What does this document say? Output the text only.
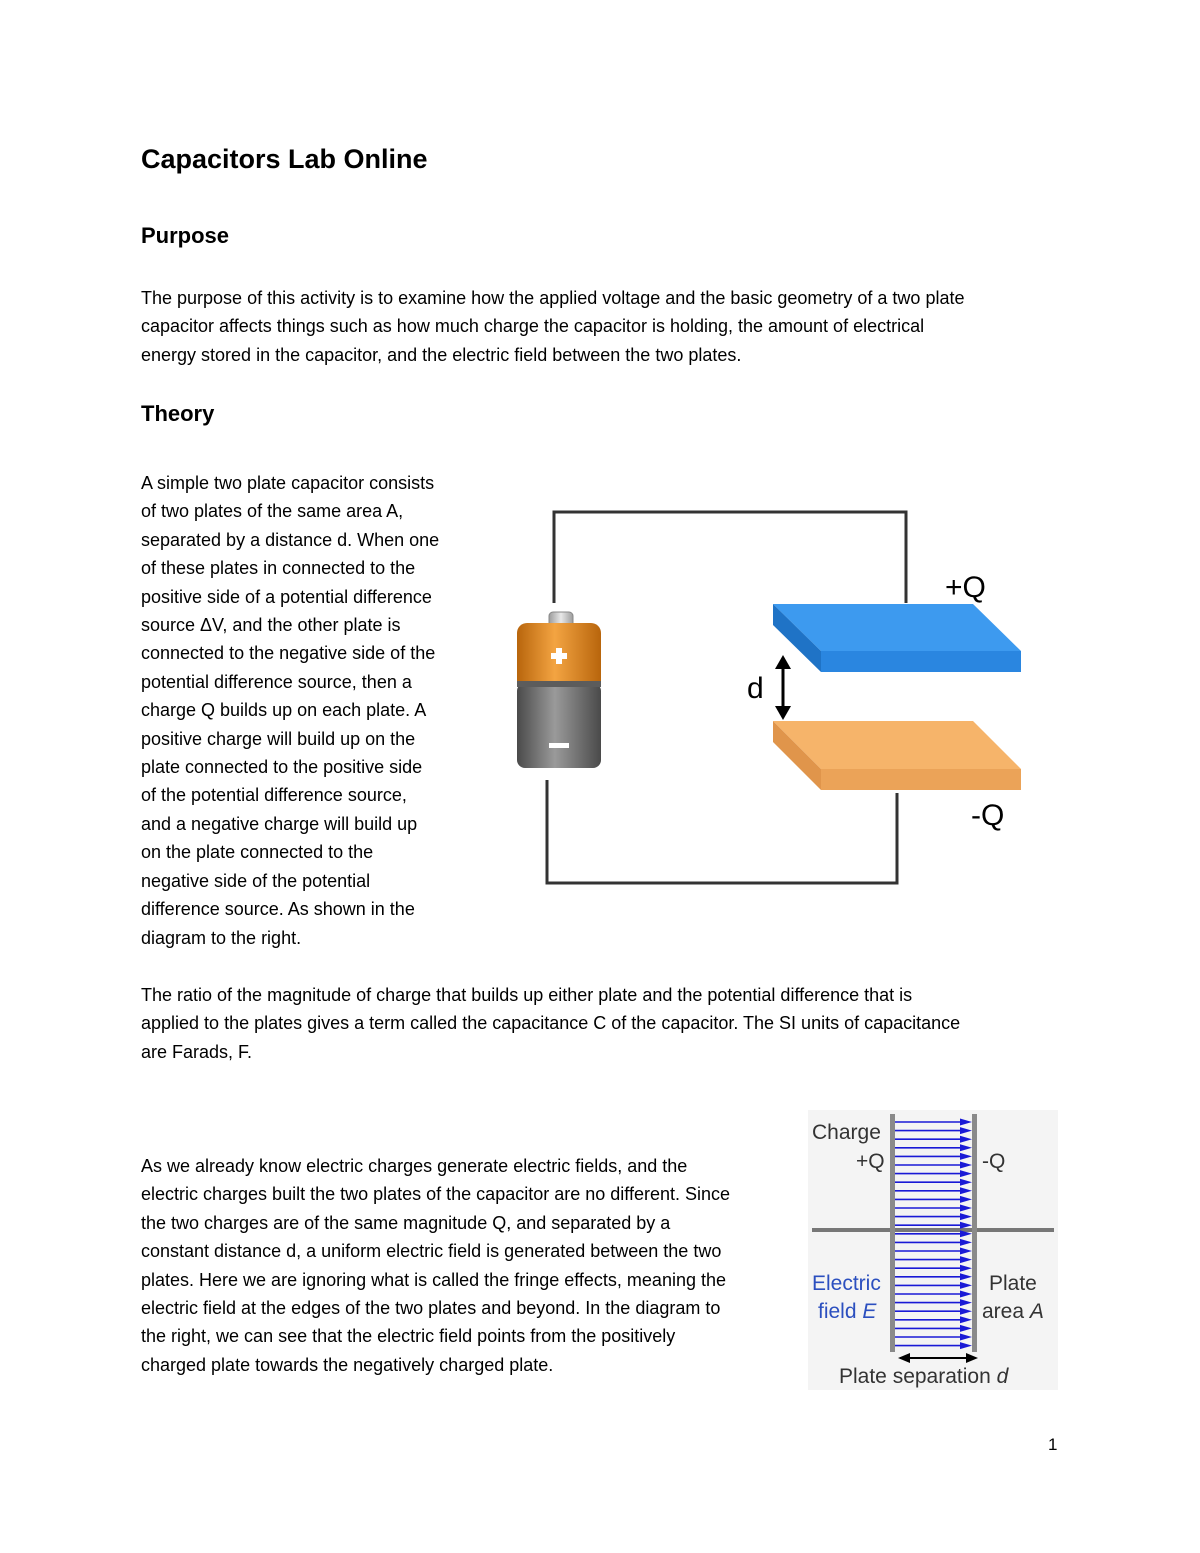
Capacitors Lab Online
Purpose

The purpose of this activity is to examine how the applied voltage and the basic geometry of a two plate
capacitor affects things such as how much charge the capacitor is holding, the amount of electrical
energy stored in the capacitor, and the electric field between the two plates.

Theory

A simple two plate capacitor consists
of two plates of the same area A,
separated by a distance d. When one
of these plates in connected to the
positive side of a potential difference
source ΔV, and the other plate is
connected to the negative side of the
potential difference source, then a
charge Q builds up on each plate. A
positive charge will build up on the
plate connected to the positive side
of the potential difference source,
and a negative charge will build up
on the plate connected to the
negative side of the potential
difference source. As shown in the
diagram to the right.

d
+Q
-Q

The ratio of the magnitude of charge that builds up either plate and the potential difference that is
applied to the plates gives a term called the capacitance C of the capacitor. The SI units of capacitance
are Farads, F.

As we already know electric charges generate electric fields, and the
electric charges built the two plates of the capacitor are no different. Since
the two charges are of the same magnitude Q, and separated by a
constant distance d, a uniform electric field is generated between the two
plates. Here we are ignoring what is called the fringe effects, meaning the
electric field at the edges of the two plates and beyond. In the diagram to
the right, we can see that the electric field points from the positively
charged plate towards the negatively charged plate.

Charge
+Q	-Q
Electric
field E
Plate
area A
Plate separation d
1
